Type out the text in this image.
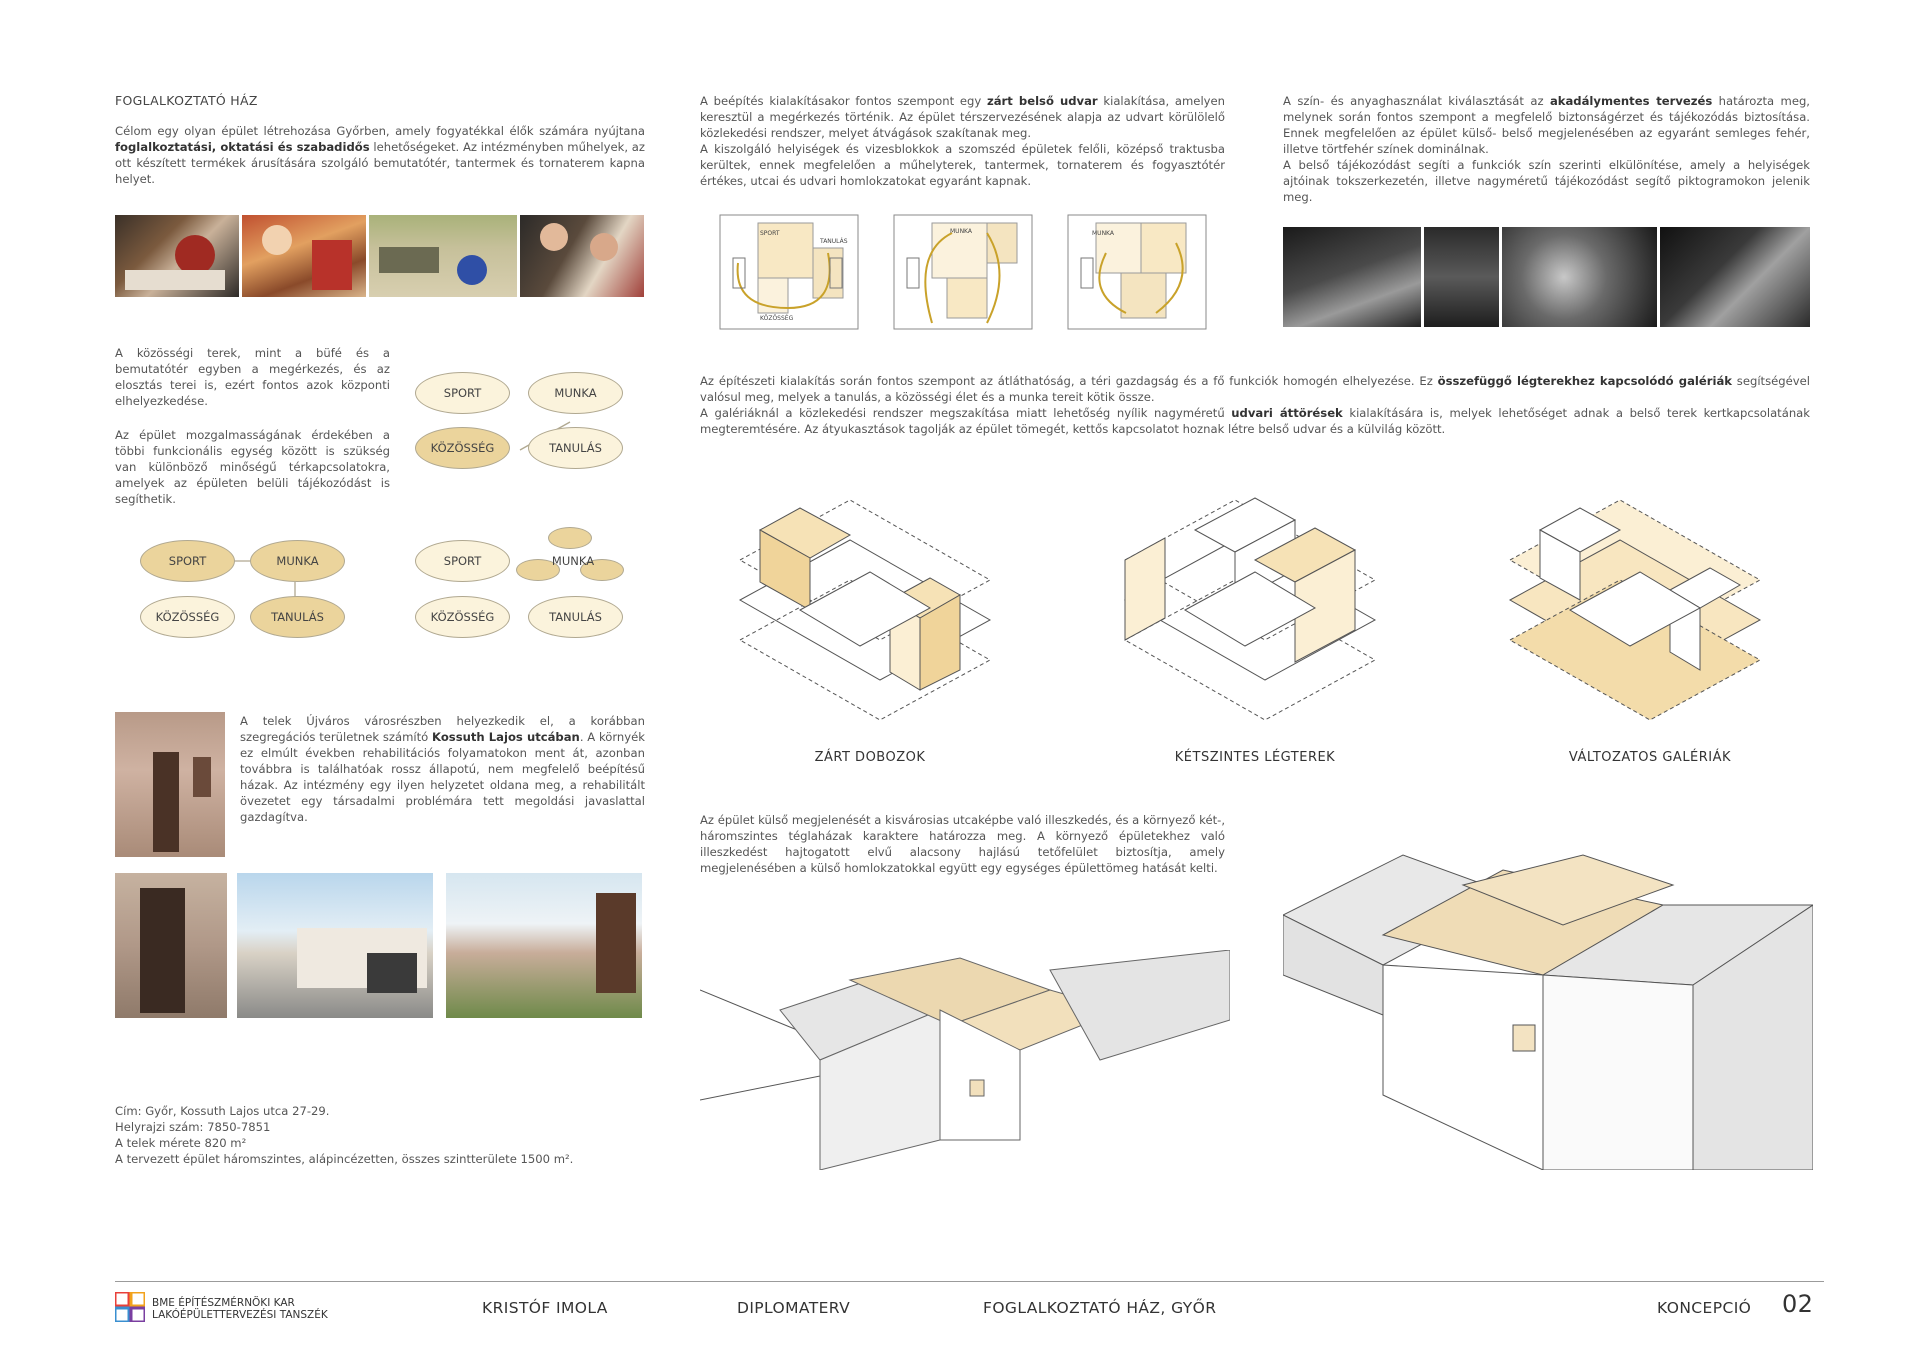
FOGLALKOZTATÓ HÁZ
Célom egy olyan épület létrehozása Győrben, amely fogyatékkal élők számára nyújtana foglalkoztatási, oktatási és szabadidős lehetőségeket. Az intézményben műhelyek, az ott készített termékek árusítására szolgáló bemutatótér, tantermek és tornaterem kapna helyet.
A közösségi terek, mint a büfé és a bemutatótér egyben a megérkezés, és az elosztás terei is, ezért fontos azok központi elhelyezkedése.
Az épület mozgalmasságának érdekében a többi funkcionális egység között is szükség van különböző minőségű térkapcsolatokra, amelyek az épületen belüli tájékozódást is segíthetik.
SPORT	MUNKA
KÖZÖSSÉG	TANULÁS
SPORT	MUNKA
KÖZÖSSÉG	TANULÁS
SPORT	MUNKA
KÖZÖSSÉG	TANULÁS
A telek Újváros városrészben helyezkedik el, a korábban szegregációs területnek számító Kossuth Lajos utcában. A környék ez elmúlt években rehabilitációs folyamatokon ment át, azonban továbbra is találhatóak rossz állapotú, nem megfelelő beépítésű házak. Az intézmény egy ilyen helyzetet oldana meg, a rehabilitált övezetet egy társadalmi problémára tett megoldási javaslattal gazdagítva.

Cím: Győr, Kossuth Lajos utca 27-29.

Helyrajzi szám: 7850-7851

A telek mérete 820 m²

A tervezett épület háromszintes, alápincézetten, összes szintterülete 1500 m².

A beépítés kialakításakor fontos szempont egy zárt belső udvar kialakítása, amelyen keresztül a megérkezés történik. Az épület térszervezésének alapja az udvart körülölelő közlekedési rendszer, melyet átvágások szakítanak meg.

A kiszolgáló helyiségek és vizesblokkok a szomszéd épületek felőli, középső traktusba kerültek, ennek megfelelően a műhelyterek, tantermek, tornaterem és fogyasztótér értékes, utcai és udvari homlokzatokat egyaránt kapnak.

SPORT
TANULÁS
KÖZÖSSÉG
MUNKA	MUNKA

Az építészeti kialakítás során fontos szempont az átláthatóság, a téri gazdagság és a fő funkciók homogén elhelyezése. Ez összefüggő légterekhez kapcsolódó galériák segítségével valósul meg, melyek a tanulás, a közösségi élet és a munka tereit kötik össze.

A galériáknál a közlekedési rendszer megszakítása miatt lehetőség nyílik nagyméretű udvari áttörések kialakítására is, melyek lehetőséget adnak a belső terek kertkapcsolatának megteremtésére. Az átyukasztások tagolják az épület tömegét, kettős kapcsolatot hoznak létre belső udvar és a külvilág között.

ZÁRT DOBOZOK	KÉTSZINTES LÉGTEREK	VÁLTOZATOS GALÉRIÁK
Az épület külső megjelenését a kisvárosias utcaképbe való illeszkedés, és a környező két-, háromszintes téglaházak karaktere határozza meg. A környező épületekhez való illeszkedést hajtogatott elvű alacsony hajlású tetőfelület biztosítja, amely megjelenésében a külső homlokzatokkal együtt egy egységes épülettömeg hatását kelti.

A szín- és anyaghasználat kiválasztását az akadálymentes tervezés határozta meg, melynek során fontos szempont a megfelelő biztonságérzet és tájékozódás biztosítása. Ennek megfelelően az épület külső- belső megjelenésében az egyaránt semleges fehér, illetve törtfehér színek dominálnak.

A belső tájékozódást segíti a funkciók szín szerinti elkülönítése, amely a helyiségek ajtóinak tokszerkezetén, illetve nagyméretű tájékozódást segítő piktogramokon jelenik meg.

BME ÉPÍTÉSZMÉRNÖKI KAR
LAKÓÉPÜLETTERVEZÉSI TANSZÉK	KRISTÓF IMOLA	DIPLOMATERV	FOGLALKOZTATÓ HÁZ, GYŐR	KONCEPCIÓ 02
